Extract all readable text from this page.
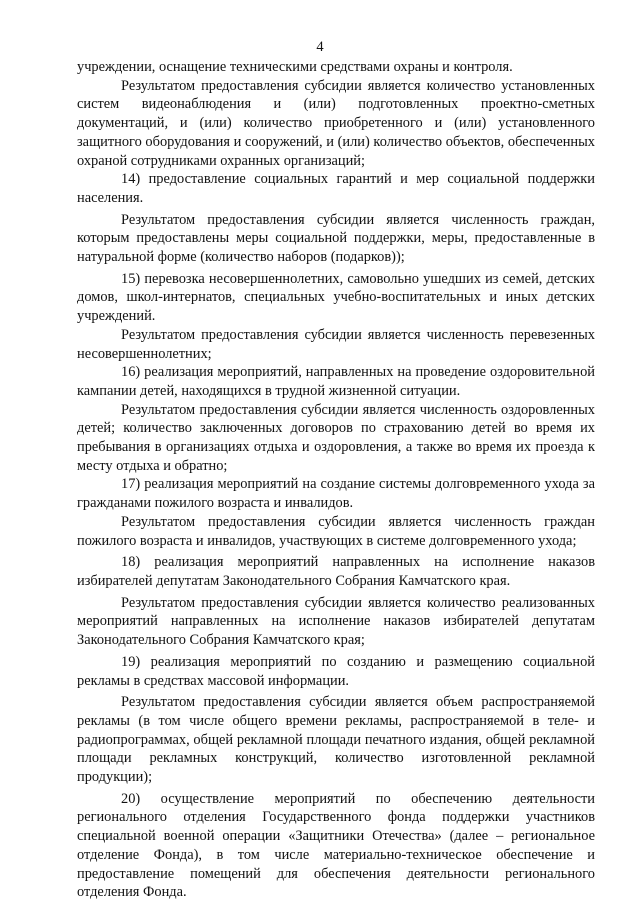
4

учреждении, оснащение техническими средствами охраны и контроля.

Результатом предоставления субсидии является количество установленных систем видеонаблюдения и (или) подготовленных проектно-сметных документаций, и (или) количество приобретенного и (или) установленного защитного оборудования и сооружений, и (или) количество объектов, обеспеченных охраной сотрудниками охранных организаций;

14) предоставление социальных гарантий и мер социальной поддержки населения.

Результатом предоставления субсидии является численность граждан, которым предоставлены меры социальной поддержки, меры, предоставленные в натуральной форме (количество наборов (подарков));

15) перевозка несовершеннолетних, самовольно ушедших из семей, детских домов, школ-интернатов, специальных учебно-воспитательных и иных детских учреждений.

Результатом предоставления субсидии является численность перевезенных несовершеннолетних;

16) реализация мероприятий, направленных на проведение оздоровительной кампании детей, находящихся в трудной жизненной ситуации.

Результатом предоставления субсидии является численность оздоровленных детей; количество заключенных договоров по страхованию детей во время их пребывания в организациях отдыха и оздоровления, а также во время их проезда к месту отдыха и обратно;

17) реализация мероприятий на создание системы долговременного ухода за гражданами пожилого возраста и инвалидов.

Результатом предоставления субсидии является численность граждан пожилого возраста и инвалидов, участвующих в системе долговременного ухода;

18) реализация мероприятий направленных на исполнение наказов избирателей депутатам Законодательного Собрания Камчатского края.

Результатом предоставления субсидии является количество реализованных мероприятий направленных на исполнение наказов избирателей депутатам Законодательного Собрания Камчатского края;

19) реализация мероприятий по созданию и размещению социальной рекламы в средствах массовой информации.

Результатом предоставления субсидии является объем распространяемой рекламы (в том числе общего времени рекламы, распространяемой в теле- и радиопрограммах, общей рекламной площади печатного издания, общей рекламной площади рекламных конструкций, количество изготовленной рекламной продукции);

20) осуществление мероприятий по обеспечению деятельности регионального отделения Государственного фонда поддержки участников специальной военной операции «Защитники Отечества» (далее – региональное отделение Фонда), в том числе материально-техническое обеспечение и предоставление помещений для обеспечения деятельности регионального отделения Фонда.
